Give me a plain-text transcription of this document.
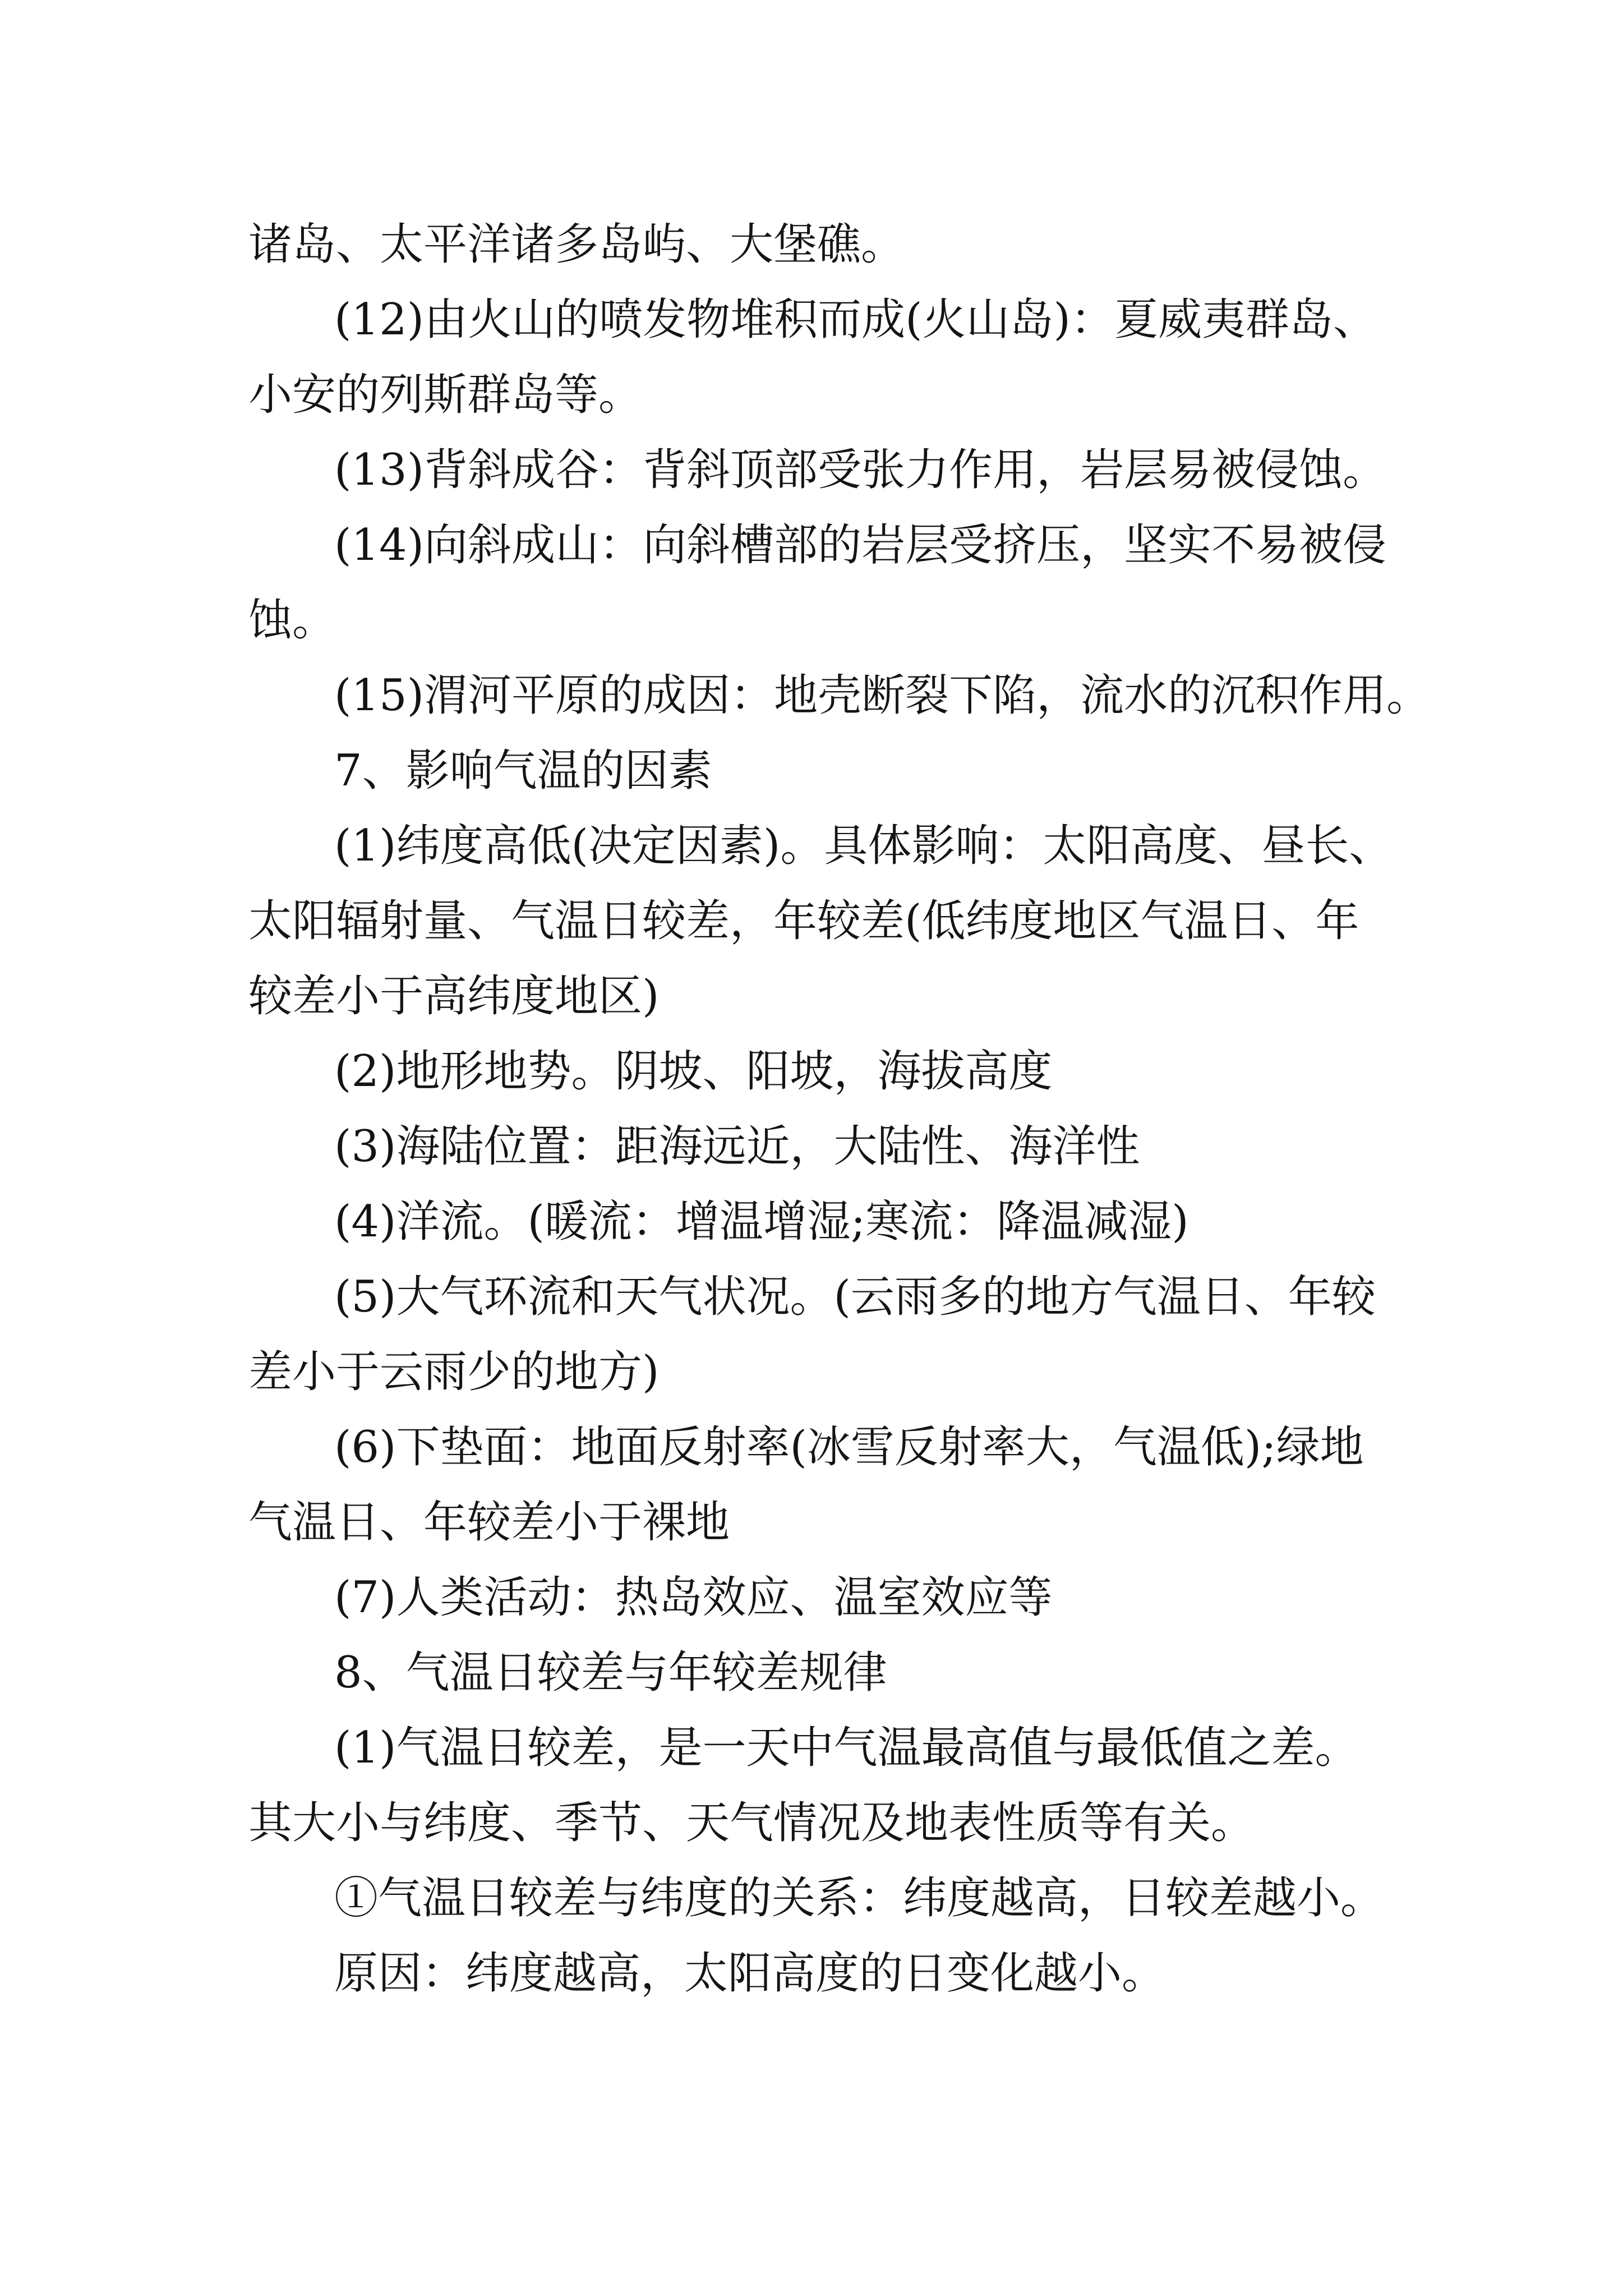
诸岛、太平洋诸多岛屿、大堡礁。
(12)由火山的喷发物堆积而成(火山岛)：夏威夷群岛、
小安的列斯群岛等。
(13)背斜成谷：背斜顶部受张力作用，岩层易被侵蚀。
(14)向斜成山：向斜槽部的岩层受挤压，坚实不易被侵
蚀。
(15)渭河平原的成因：地壳断裂下陷，流水的沉积作用。
7、影响气温的因素
(1)纬度高低(决定因素)。具体影响：太阳高度、昼长、
太阳辐射量、气温日较差，年较差(低纬度地区气温日、年
较差小于高纬度地区)
(2)地形地势。阴坡、阳坡，海拔高度
(3)海陆位置：距海远近，大陆性、海洋性
(4)洋流。(暖流：增温增湿;寒流：降温减湿)
(5)大气环流和天气状况。(云雨多的地方气温日、年较
差小于云雨少的地方)
(6)下垫面：地面反射率(冰雪反射率大，气温低);绿地
气温日、年较差小于裸地
(7)人类活动：热岛效应、温室效应等
8、气温日较差与年较差规律
(1)气温日较差，是一天中气温最高值与最低值之差。
其大小与纬度、季节、天气情况及地表性质等有关。
①气温日较差与纬度的关系：纬度越高，日较差越小。
原因：纬度越高，太阳高度的日变化越小。
